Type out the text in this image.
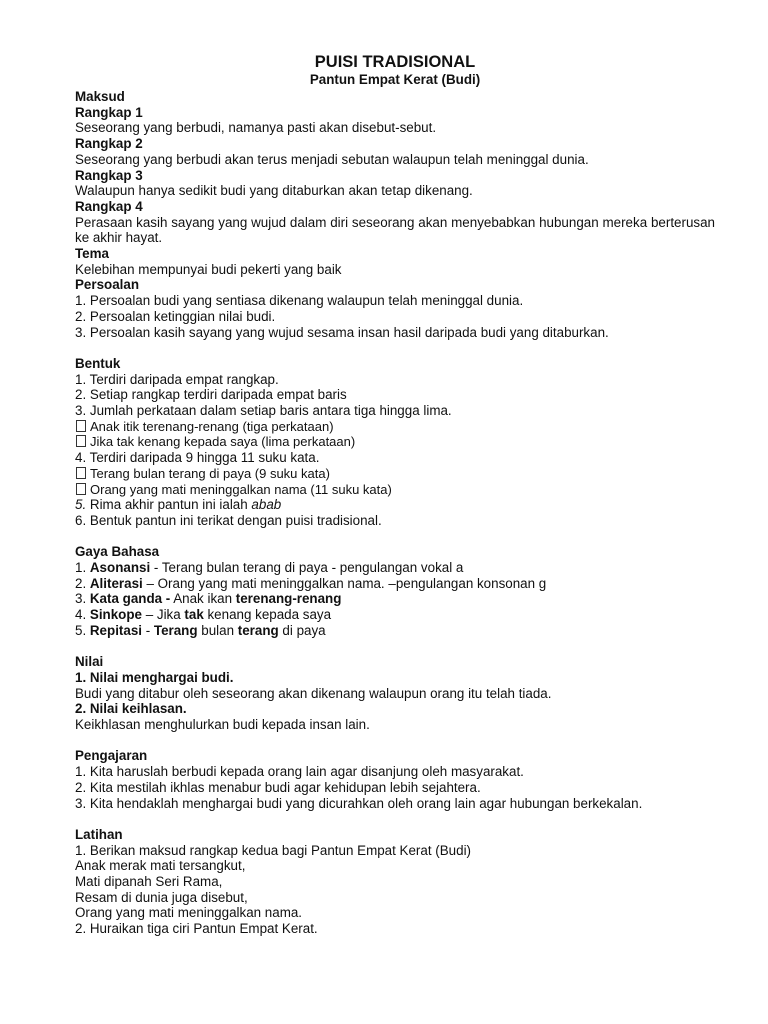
PUISI TRADISIONAL
Pantun Empat Kerat (Budi)
Maksud
Rangkap 1
Seseorang yang berbudi, namanya pasti akan disebut-sebut.
Rangkap 2
Seseorang yang berbudi akan terus menjadi sebutan walaupun telah meninggal dunia.
Rangkap 3
Walaupun hanya sedikit budi yang ditaburkan akan tetap dikenang.
Rangkap 4
Perasaan kasih sayang yang wujud dalam diri seseorang akan menyebabkan hubungan mereka berterusan ke akhir hayat.
Tema
Kelebihan mempunyai budi pekerti yang baik
Persoalan
1. Persoalan budi yang sentiasa dikenang walaupun telah meninggal dunia.
2. Persoalan ketinggian nilai budi.
3. Persoalan kasih sayang yang wujud sesama insan hasil daripada budi yang ditaburkan.
Bentuk
1. Terdiri daripada empat rangkap.
2. Setiap rangkap terdiri daripada empat baris
3. Jumlah perkataan dalam setiap baris antara tiga hingga lima.
Anak itik terenang-renang (tiga perkataan)
Jika tak kenang kepada saya (lima perkataan)
4. Terdiri daripada 9 hingga 11 suku kata.
Terang bulan terang di paya (9 suku kata)
Orang yang mati meninggalkan nama (11 suku kata)
5. Rima akhir pantun ini ialah abab
6. Bentuk pantun ini terikat dengan puisi tradisional.
Gaya Bahasa
1. Asonansi - Terang bulan terang di paya - pengulangan vokal a
2. Aliterasi – Orang yang mati meninggalkan nama. –pengulangan konsonan g
3. Kata ganda - Anak ikan terenang-renang
4. Sinkope – Jika tak kenang kepada saya
5. Repitasi - Terang bulan terang di paya
Nilai
1. Nilai menghargai budi.
Budi yang ditabur oleh seseorang akan dikenang walaupun orang itu telah tiada.
2. Nilai keihlasan.
Keikhlasan menghulurkan budi kepada insan lain.
Pengajaran
1. Kita haruslah berbudi kepada orang lain agar disanjung oleh masyarakat.
2. Kita mestilah ikhlas menabur budi agar kehidupan lebih sejahtera.
3. Kita hendaklah menghargai budi yang dicurahkan oleh orang lain agar hubungan berkekalan.
Latihan
1. Berikan maksud rangkap kedua bagi Pantun Empat Kerat (Budi)
Anak merak mati tersangkut,
Mati dipanah Seri Rama,
Resam di dunia juga disebut,
Orang yang mati meninggalkan nama.
2. Huraikan tiga ciri Pantun Empat Kerat.
